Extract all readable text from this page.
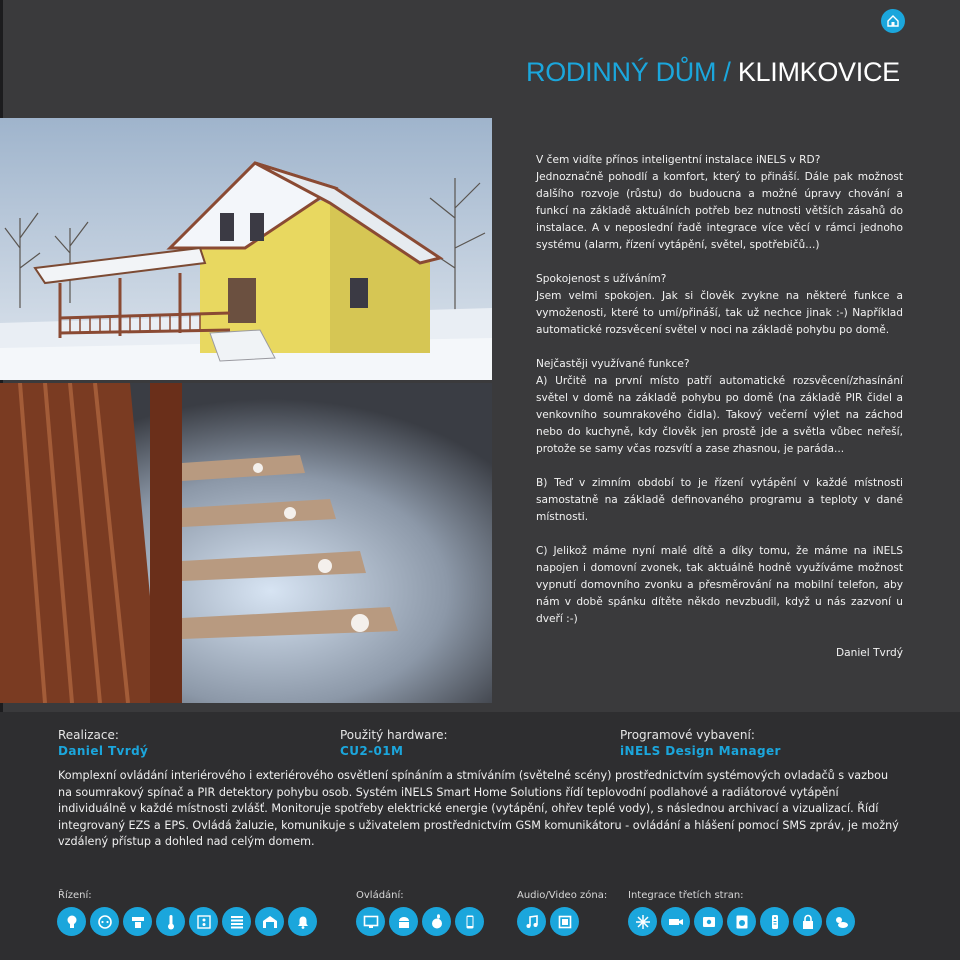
RODINNÝ DŮM / KLIMKOVICE

V čem vidíte přínos inteligentní instalace iNELS v RD?

Jednoznačně pohodlí a komfort, který to přináší. Dále pak možnost dalšího rozvoje (růstu) do budoucna a možné úpravy chování a funkcí na základě aktuálních potřeb bez nutnosti větších zásahů do instalace. A v neposlední řadě integrace více věcí v rámci jednoho systému (alarm, řízení vytápění, světel, spotřebičů...)

Spokojenost s užíváním?

Jsem velmi spokojen. Jak si člověk zvykne na některé funkce a vymoženosti, které to umí/přináší, tak už nechce jinak :-) Například automatické rozsvěcení světel v noci na základě pohybu po domě.

Nejčastěji využívané funkce?

A) Určitě na první místo patří automatické rozsvěcení/zhasínání světel v domě na základě pohybu po domě (na základě PIR čidel a venkovního soumrakového čidla). Takový večerní výlet na záchod nebo do kuchyně, kdy člověk jen prostě jde a světla vůbec neřeší, protože se samy včas rozsvítí a zase zhasnou, je paráda...

B) Teď v zimním období to je řízení vytápění v každé místnosti samostatně na základě definovaného programu a teploty v dané místnosti.

C) Jelikož máme nyní malé dítě a díky tomu, že máme na iNELS napojen i domovní zvonek, tak aktuálně hodně využíváme možnost vypnutí domovního zvonku a přesměrování na mobilní telefon, aby nám v době spánku dítěte někdo nevzbudil, když u nás zazvoní u dveří :-)

Daniel Tvrdý

Realizace:
Daniel Tvrdý
Použitý hardware:
CU2-01M
Programové vybavení:
iNELS Design Manager
Komplexní ovládání interiérového i exteriérového osvětlení spínáním a stmíváním (světelné scény) prostřednictvím systémových ovladačů s vazbou na soumrakový spínač a PIR detektory pohybu osob. Systém iNELS Smart Home Solutions řídí teplovodní podlahové a radiátorové vytápění individuálně v každé místnosti zvlášť. Monitoruje spotřeby elektrické energie (vytápění, ohřev teplé vody), s následnou archivací a vizualizací. Řídí integrovaný EZS a EPS. Ovládá žaluzie, komunikuje s uživatelem prostřednictvím GSM komunikátoru - ovládání a hlášení pomocí SMS zpráv, je možný vzdálený přístup a dohled nad celým domem.
Řízení:	Ovládání:	Audio/Video zóna: Integrace třetích stran:
